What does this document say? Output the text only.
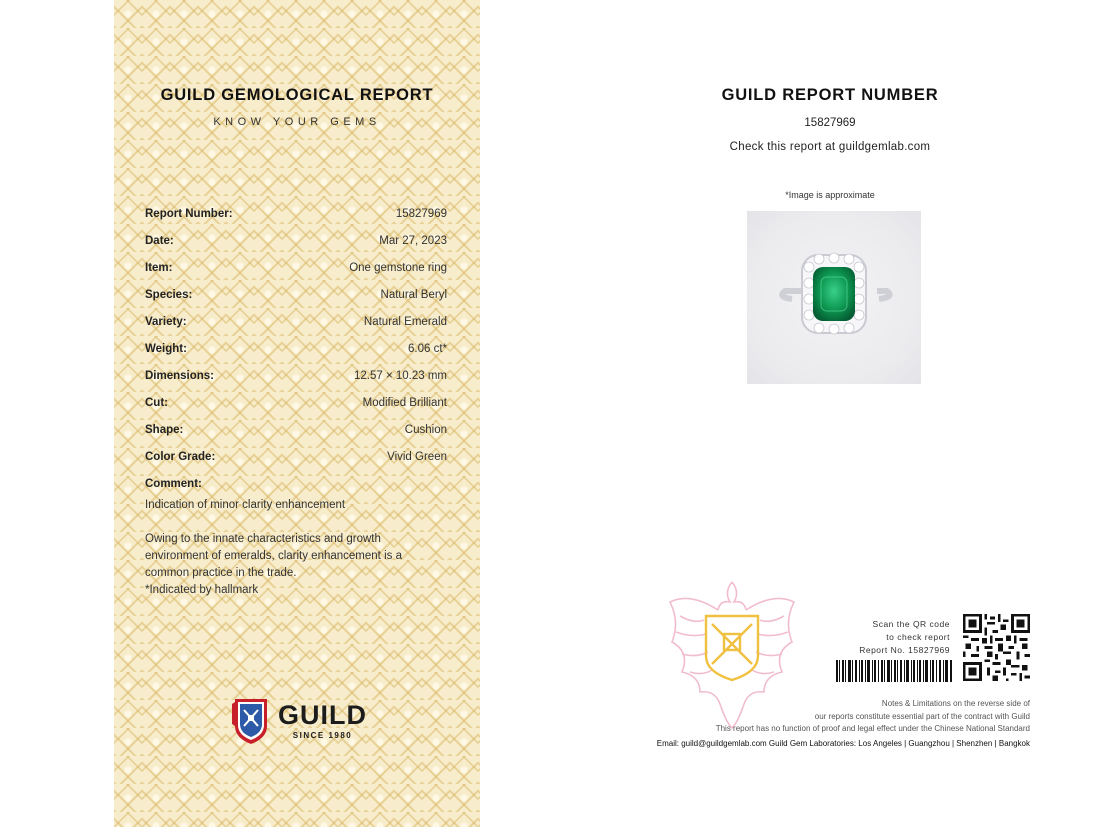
GUILD GEMOLOGICAL REPORT
KNOW YOUR GEMS
Report Number:	15827969
Date:	Mar 27, 2023
Item:	One gemstone ring
Species:	Natural Beryl
Variety:	Natural Emerald
Weight:	6.06 ct*
Dimensions:	12.57 × 10.23 mm
Cut:	Modified Brilliant
Shape:	Cushion
Color Grade:	Vivid Green
Comment:
Indication of minor clarity enhancement
Owing to the innate characteristics and growth
environment of emeralds, clarity enhancement is a
common practice in the trade.
*Indicated by hallmark
GUILD
SINCE 1980
GUILD REPORT NUMBER
15827969
Check this report at guildgemlab.com
*Image is approximate
Scan the QR code
to check report
Report No. 15827969
Notes & Limitations on the reverse side of
our reports constitute essential part of the contract with Guild
This report has no function of proof and legal effect under the Chinese National Standard
Email: guild@guildgemlab.com Guild Gem Laboratories: Los Angeles | Guangzhou | Shenzhen | Bangkok
